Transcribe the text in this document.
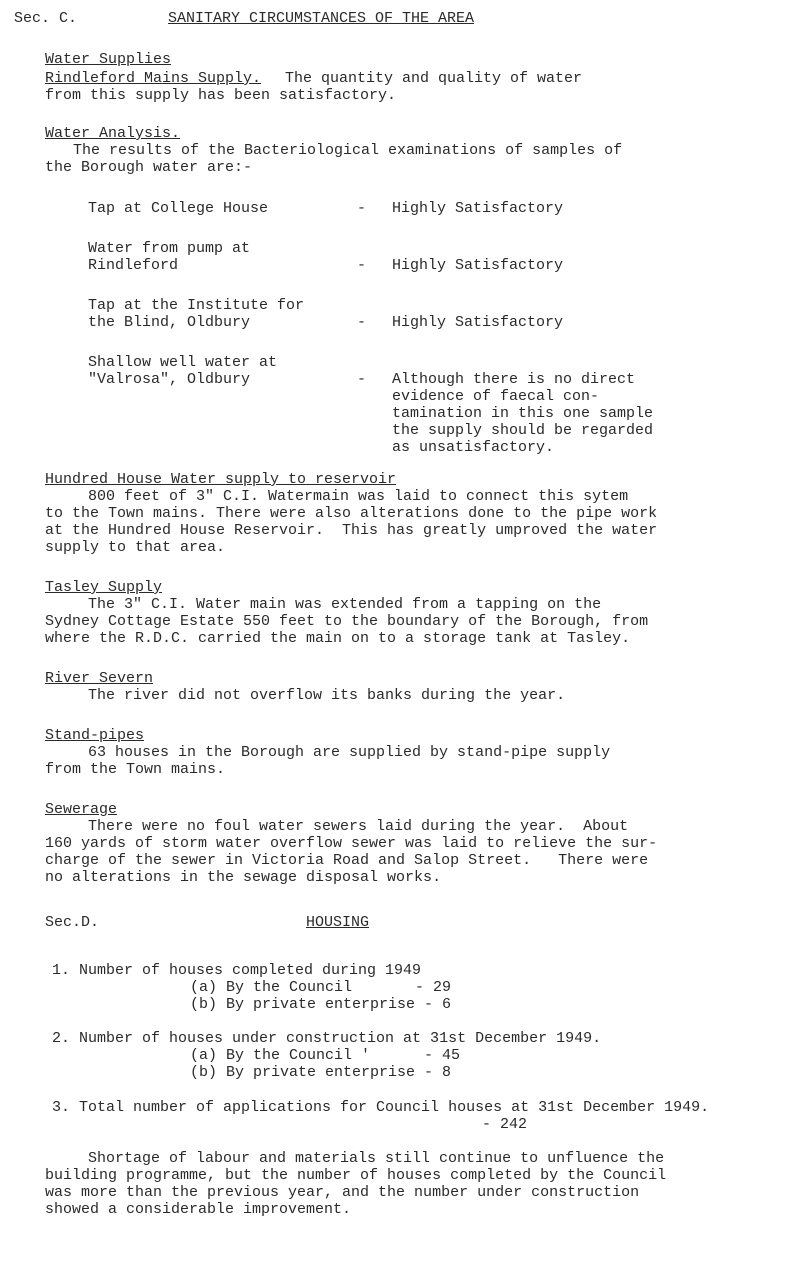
Sec. C.	SANITARY CIRCUMSTANCES OF THE AREA
Water Supplies
Rindleford Mains Supply. The quantity and quality of water
from this supply has been satisfactory.
Water Analysis.
The results of the Bacteriological examinations of samples of
the Borough water are:-
Tap at College House	- Highly Satisfactory
Water from pump at
Rindleford	- Highly Satisfactory
Tap at the Institute for
the Blind, Oldbury	- Highly Satisfactory
Shallow well water at
"Valrosa", Oldbury	- Although there is no direct
evidence of faecal con-
tamination in this one sample
the supply should be regarded
as unsatisfactory.
Hundred House Water supply to reservoir
800 feet of 3" C.I. Watermain was laid to connect this sytem
to the Town mains. There were also alterations done to the pipe work
at the Hundred House Reservoir.  This has greatly umproved the water
supply to that area.
Tasley Supply
The 3" C.I. Water main was extended from a tapping on the
Sydney Cottage Estate 550 feet to the boundary of the Borough, from
where the R.D.C. carried the main on to a storage tank at Tasley.
River Severn
The river did not overflow its banks during the year.
Stand-pipes
63 houses in the Borough are supplied by stand-pipe supply
from the Town mains.
Sewerage
There were no foul water sewers laid during the year.  About
160 yards of storm water overflow sewer was laid to relieve the sur-
charge of the sewer in Victoria Road and Salop Street.   There were
no alterations in the sewage disposal works.
Sec.D.	HOUSING
1. Number of houses completed during 1949
(a) By the Council       - 29
(b) By private enterprise - 6
2. Number of houses under construction at 31st December 1949.
(a) By the Council '      - 45
(b) By private enterprise - 8
3. Total number of applications for Council houses at 31st December 1949.
- 242
Shortage of labour and materials still continue to unfluence the
building programme, but the number of houses completed by the Council
was more than the previous year, and the number under construction
showed a considerable improvement.
